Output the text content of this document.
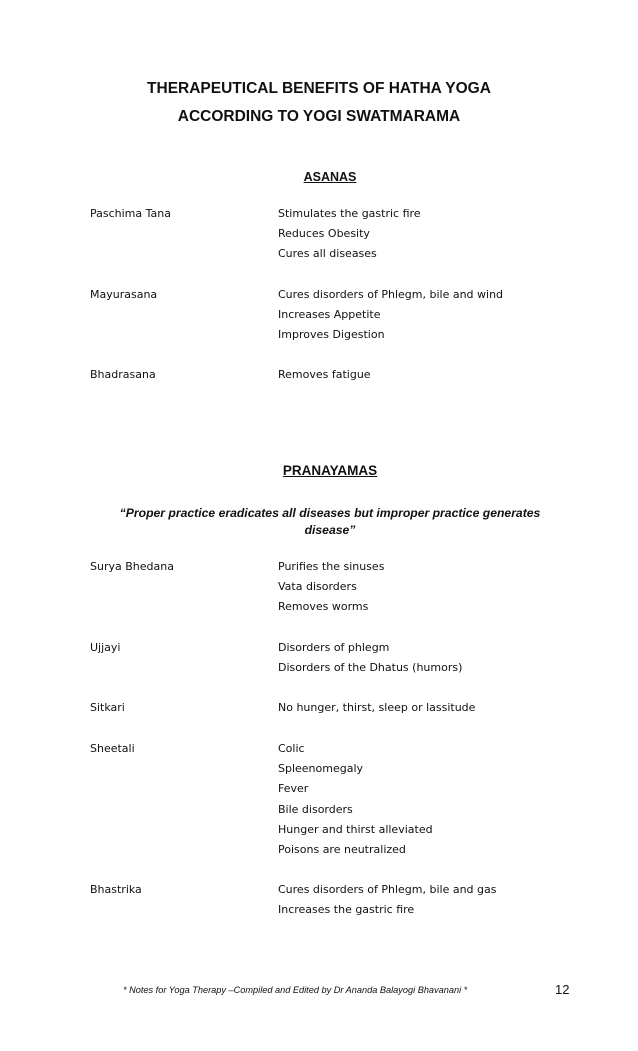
THERAPEUTICAL BENEFITS OF HATHA YOGA
ACCORDING TO YOGI SWATMARAMA
ASANAS
Paschima Tana	Stimulates the gastric fire
Reduces Obesity
Cures all diseases
Mayurasana	Cures disorders of Phlegm, bile and wind
Increases Appetite
Improves Digestion
Bhadrasana	Removes fatigue
PRANAYAMAS
“Proper practice eradicates all diseases but improper practice generates
disease”
Surya Bhedana	Purifies the sinuses
Vata disorders
Removes worms
Ujjayi	Disorders of phlegm
Disorders of the Dhatus (humors)
Sitkari	No hunger, thirst, sleep or lassitude
Sheetali	Colic
Spleenomegaly
Fever
Bile disorders
Hunger and thirst alleviated
Poisons are neutralized
Bhastrika	Cures disorders of Phlegm, bile and gas
Increases the gastric fire
* Notes for Yoga Therapy –Compiled and Edited by Dr Ananda Balayogi Bhavanani *	12
